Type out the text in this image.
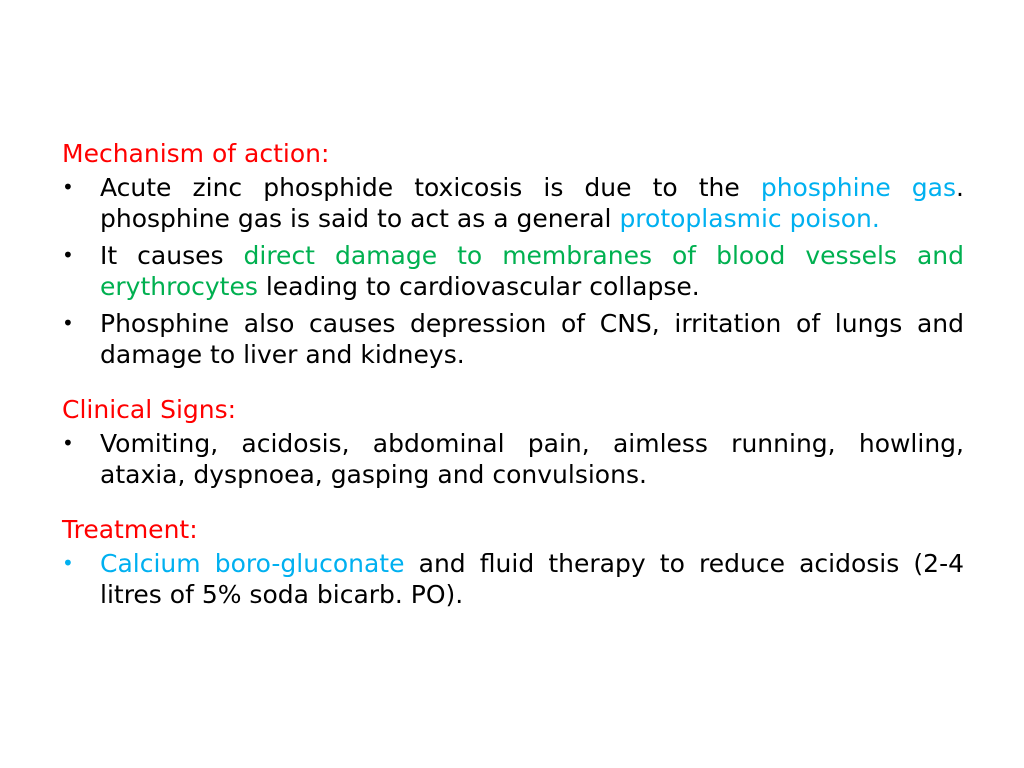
Mechanism of action:

•	Acute zinc phosphide toxicosis is due to the phosphine gas. phosphine gas is said to act as a general protoplasmic poison.
•	It causes direct damage to membranes of blood vessels and erythrocytes leading to cardiovascular collapse.
•	Phosphine also causes depression of CNS, irritation of lungs and damage to liver and kidneys.

Clinical Signs:

•	Vomiting, acidosis, abdominal pain, aimless running, howling, ataxia, dyspnoea, gasping and convulsions.

Treatment:

•	Calcium boro-gluconate and fluid therapy to reduce acidosis (2-4 litres of 5% soda bicarb. PO).
